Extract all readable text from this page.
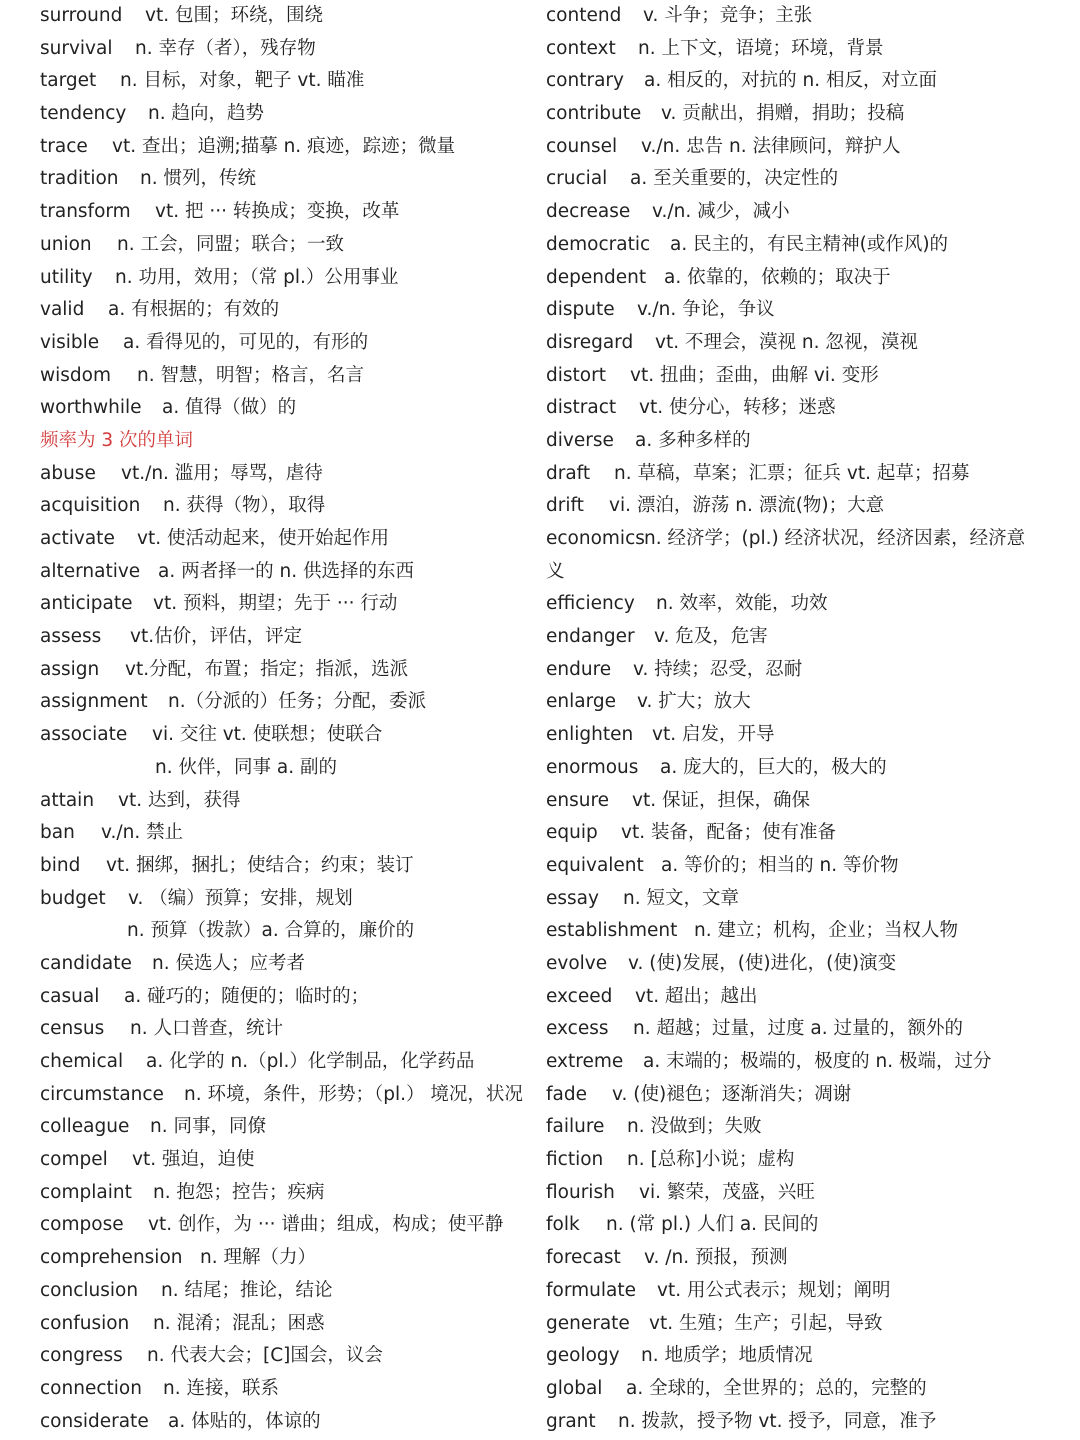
surround vt. 包围；环绕，围绕
survival n. 幸存（者），残存物
target n. 目标，对象，靶子 vt. 瞄准
tendency n. 趋向，趋势
trace vt. 查出；追溯;描摹 n. 痕迹，踪迹；微量
tradition n. 惯列，传统
transform vt. 把 ··· 转换成；变换，改革
union n. 工会，同盟；联合；一致
utility n. 功用，效用；（常 pl.）公用事业
valid a. 有根据的；有效的
visible a. 看得见的，可见的，有形的
wisdom n. 智慧，明智；格言，名言
worthwhile a. 值得（做）的
频率为 3 次的单词
abuse vt./n. 滥用；辱骂，虐待
acquisition n. 获得（物），取得
activate vt. 使活动起来，使开始起作用
alternative a. 两者择一的 n. 供选择的东西
anticipate vt. 预料，期望；先于 ··· 行动
assess vt.估价，评估，评定
assign vt.分配，布置；指定；指派，选派
assignment n.（分派的）任务；分配，委派
associate vi. 交往 vt. 使联想；使联合
n. 伙伴，同事 a. 副的
attain vt. 达到，获得
ban v./n. 禁止
bind vt. 捆绑，捆扎；使结合；约束；装订
budget v. （编）预算；安排，规划
n. 预算（拨款）a. 合算的，廉价的
candidate n. 侯选人；应考者
casual a. 碰巧的；随便的；临时的；
census n. 人口普查，统计
chemical a. 化学的 n.（pl.）化学制品，化学药品
circumstance n. 环境，条件，形势；（pl.） 境况，状况
colleague n. 同事，同僚
compel vt. 强迫，迫使
complaint n. 抱怨；控告；疾病
compose vt. 创作，为 ··· 谱曲；组成，构成；使平静
comprehension n. 理解（力）
conclusion n. 结尾；推论，结论
confusion n. 混淆；混乱；困惑
congress n. 代表大会；[C]国会，议会
connection n. 连接，联系
considerate a. 体贴的，体谅的
contend v. 斗争；竞争；主张
context n. 上下文，语境；环境，背景
contrary a. 相反的，对抗的 n. 相反，对立面
contribute v. 贡献出，捐赠，捐助；投稿
counsel v./n. 忠告 n. 法律顾问，辩护人
crucial a. 至关重要的，决定性的
decrease v./n. 减少，减小
democratic a. 民主的，有民主精神(或作风)的
dependent a. 依靠的，依赖的；取决于
dispute v./n. 争论，争议
disregard vt. 不理会，漠视 n. 忽视，漠视
distort vt. 扭曲；歪曲，曲解 vi. 变形
distract vt. 使分心，转移；迷惑
diverse a. 多种多样的
draft n. 草稿，草案；汇票；征兵 vt. 起草；招募
drift vi. 漂泊，游荡 n. 漂流(物)；大意
economicsn. 经济学；(pl.) 经济状况，经济因素，经济意
义
efficiency n. 效率，效能，功效
endanger v. 危及，危害
endure v. 持续；忍受，忍耐
enlarge v. 扩大；放大
enlighten vt. 启发，开导
enormous a. 庞大的，巨大的，极大的
ensure vt. 保证，担保，确保
equip vt. 装备，配备；使有准备
equivalent a. 等价的；相当的 n. 等价物
essay n. 短文，文章
establishment n. 建立；机构，企业；当权人物
evolve v. (使)发展，(使)进化，(使)演变
exceed vt. 超出；越出
excess n. 超越；过量，过度 a. 过量的，额外的
extreme a. 末端的；极端的，极度的 n. 极端，过分
fade v. (使)褪色；逐渐消失；凋谢
failure n. 没做到；失败
fiction n. [总称]小说；虚构
flourish vi. 繁荣，茂盛，兴旺
folk n. (常 pl.) 人们 a. 民间的
forecast v. /n. 预报，预测
formulate vt. 用公式表示；规划；阐明
generate vt. 生殖；生产；引起，导致
geology n. 地质学；地质情况
global a. 全球的，全世界的；总的，完整的
grant n. 拨款，授予物 vt. 授予，同意，准予
